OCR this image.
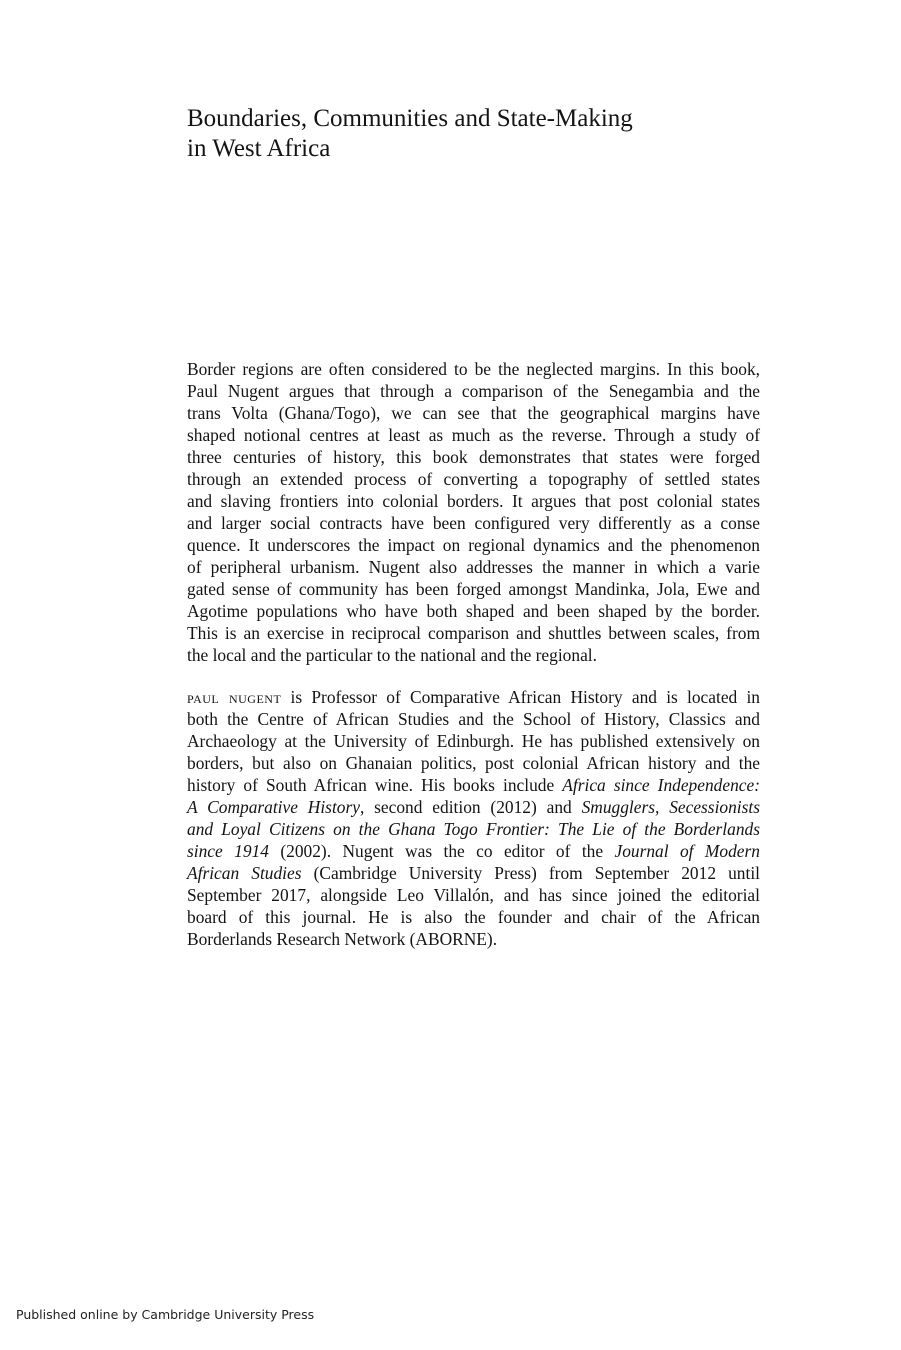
Boundaries, Communities and State-Making
in West Africa
Border regions are often considered to be the neglected margins. In this book,
Paul Nugent argues that through a comparison of the Senegambia and the
trans Volta (Ghana/Togo), we can see that the geographical margins have
shaped notional centres at least as much as the reverse. Through a study of
three centuries of history, this book demonstrates that states were forged
through an extended process of converting a topography of settled states
and slaving frontiers into colonial borders. It argues that post colonial states
and larger social contracts have been configured very differently as a conse
quence. It underscores the impact on regional dynamics and the phenomenon
of peripheral urbanism. Nugent also addresses the manner in which a varie
gated sense of community has been forged amongst Mandinka, Jola, Ewe and
Agotime populations who have both shaped and been shaped by the border.
This is an exercise in reciprocal comparison and shuttles between scales, from
the local and the particular to the national and the regional.
paul nugent is Professor of Comparative African History and is located in
both the Centre of African Studies and the School of History, Classics and
Archaeology at the University of Edinburgh. He has published extensively on
borders, but also on Ghanaian politics, post colonial African history and the
history of South African wine. His books include Africa since Independence:
A Comparative History, second edition (2012) and Smugglers, Secessionists
and Loyal Citizens on the Ghana Togo Frontier: The Lie of the Borderlands
since 1914 (2002). Nugent was the co editor of the Journal of Modern
African Studies (Cambridge University Press) from September 2012 until
September 2017, alongside Leo Villalón, and has since joined the editorial
board of this journal. He is also the founder and chair of the African
Borderlands Research Network (ABORNE).
Published online by Cambridge University Press
